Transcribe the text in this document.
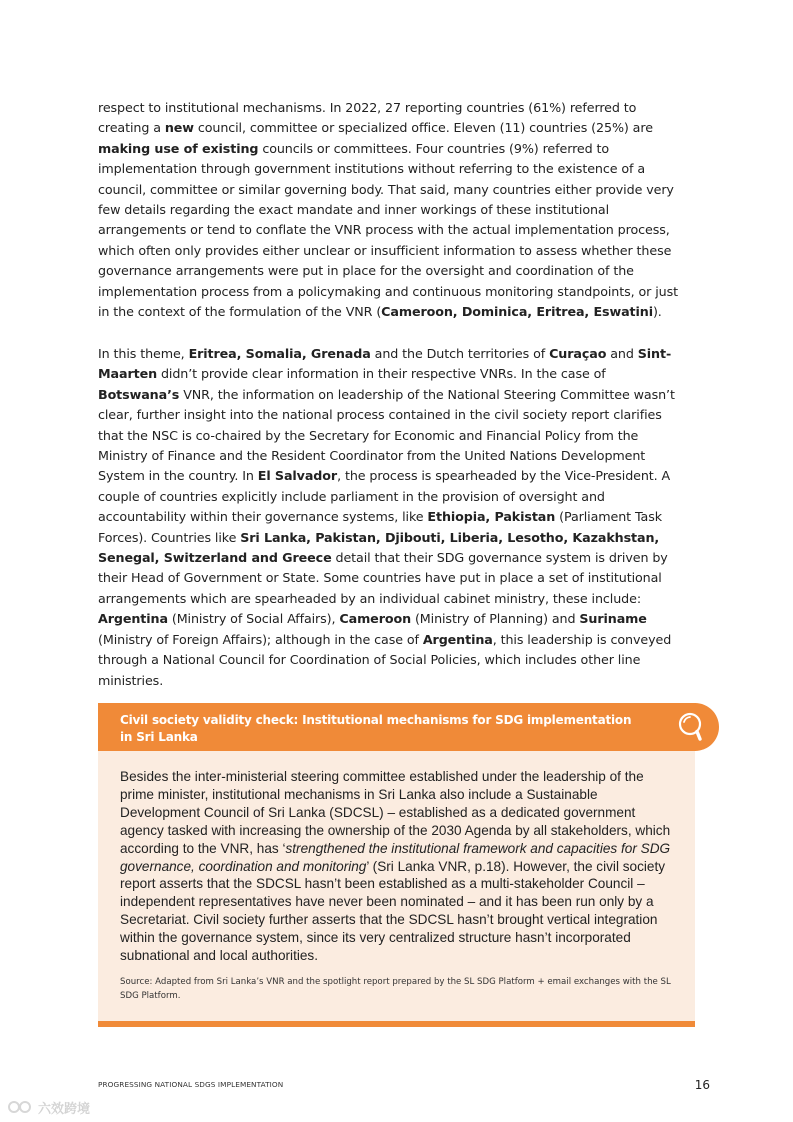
respect to institutional mechanisms. In 2022, 27 reporting countries (61%) referred to creating a new council, committee or specialized office. Eleven (11) countries (25%) are making use of existing councils or committees. Four countries (9%) referred to implementation through government institutions without referring to the existence of a council, committee or similar governing body. That said, many countries either provide very few details regarding the exact mandate and inner workings of these institutional arrangements or tend to conflate the VNR process with the actual implementation process, which often only provides either unclear or insufficient information to assess whether these governance arrangements were put in place for the oversight and coordination of the implementation process from a policymaking and continuous monitoring standpoints, or just in the context of the formulation of the VNR (Cameroon, Dominica, Eritrea, Eswatini).

In this theme, Eritrea, Somalia, Grenada and the Dutch territories of Curaçao and Sint-Maarten didn’t provide clear information in their respective VNRs. In the case of Botswana’s VNR, the information on leadership of the National Steering Committee wasn’t clear, further insight into the national process contained in the civil society report clarifies that the NSC is co-chaired by the Secretary for Economic and Financial Policy from the Ministry of Finance and the Resident Coordinator from the United Nations Development System in the country. In El Salvador, the process is spearheaded by the Vice-President. A couple of countries explicitly include parliament in the provision of oversight and accountability within their governance systems, like Ethiopia, Pakistan (Parliament Task Forces). Countries like Sri Lanka, Pakistan, Djibouti, Liberia, Lesotho, Kazakhstan, Senegal, Switzerland and Greece detail that their SDG governance system is driven by their Head of Government or State. Some countries have put in place a set of institutional arrangements which are spearheaded by an individual cabinet ministry, these include: Argentina (Ministry of Social Affairs), Cameroon (Ministry of Planning) and Suriname (Ministry of Foreign Affairs); although in the case of Argentina, this leadership is conveyed through a National Council for Coordination of Social Policies, which includes other line ministries.

Civil society validity check: Institutional mechanisms for SDG implementation in Sri Lanka

Besides the inter-ministerial steering committee established under the leadership of the prime minister, institutional mechanisms in Sri Lanka also include a Sustainable Development Council of Sri Lanka (SDCSL) – established as a dedicated government agency tasked with increasing the ownership of the 2030 Agenda by all stakeholders, which according to the VNR, has ‘strengthened the institutional framework and capacities for SDG governance, coordination and monitoring’ (Sri Lanka VNR, p.18). However, the civil society report asserts that the SDCSL hasn’t been established as a multi-stakeholder Council – independent representatives have never been nominated – and it has been run only by a Secretariat. Civil society further asserts that the SDCSL hasn’t brought vertical integration within the governance system, since its very centralized structure hasn’t incorporated subnational and local authorities.

Source: Adapted from Sri Lanka’s VNR and the spotlight report prepared by the SL SDG Platform + email exchanges with the SL SDG Platform.

PROGRESSING NATIONAL SDGS IMPLEMENTATION	16
六效跨境
